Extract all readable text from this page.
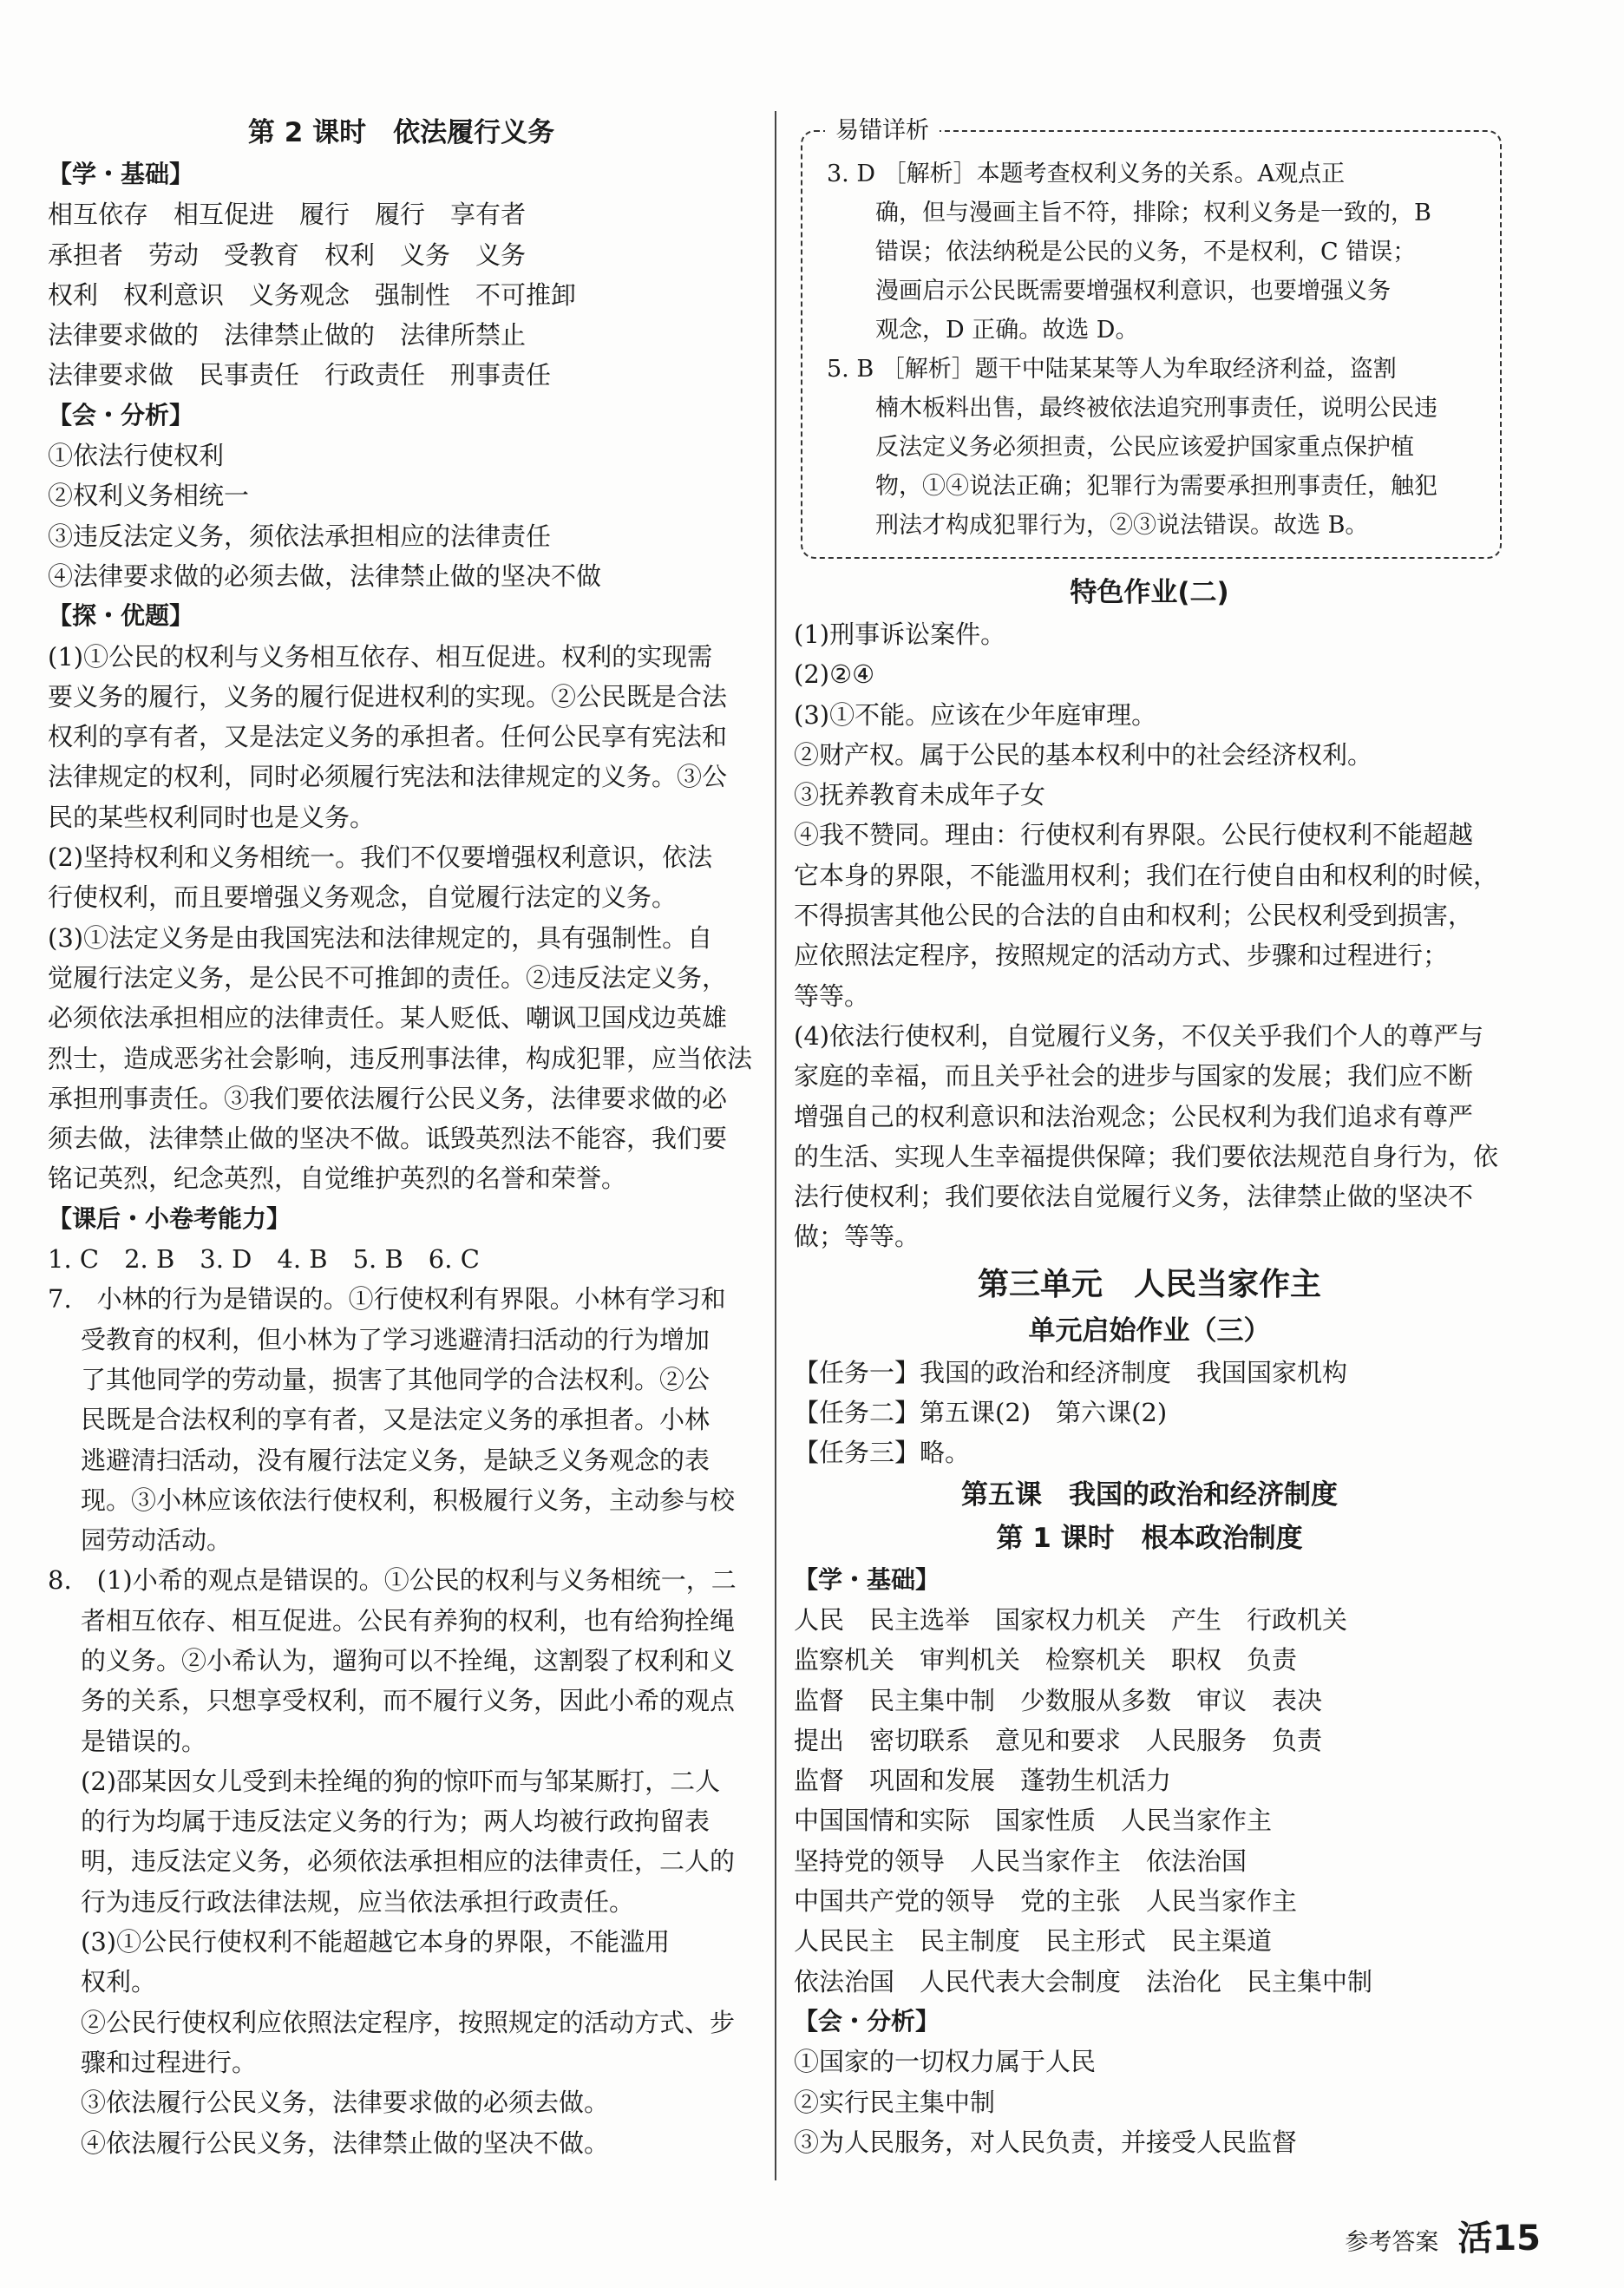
第 2 课时　依法履行义务
【学・基础】
相互依存　相互促进　履行　履行　享有者
承担者　劳动　受教育　权利　义务　义务
权利　权利意识　义务观念　强制性　不可推卸
法律要求做的　法律禁止做的　法律所禁止
法律要求做　民事责任　行政责任　刑事责任
【会・分析】
①依法行使权利
②权利义务相统一
③违反法定义务，须依法承担相应的法律责任
④法律要求做的必须去做，法律禁止做的坚决不做
【探・优题】
(1)①公民的权利与义务相互依存、相互促进。权利的实现需
要义务的履行，义务的履行促进权利的实现。②公民既是合法
权利的享有者，又是法定义务的承担者。任何公民享有宪法和
法律规定的权利，同时必须履行宪法和法律规定的义务。③公
民的某些权利同时也是义务。
(2)坚持权利和义务相统一。我们不仅要增强权利意识，依法
行使权利，而且要增强义务观念，自觉履行法定的义务。
(3)①法定义务是由我国宪法和法律规定的，具有强制性。自
觉履行法定义务，是公民不可推卸的责任。②违反法定义务，
必须依法承担相应的法律责任。某人贬低、嘲讽卫国戍边英雄
烈士，造成恶劣社会影响，违反刑事法律，构成犯罪，应当依法
承担刑事责任。③我们要依法履行公民义务，法律要求做的必
须去做，法律禁止做的坚决不做。诋毁英烈法不能容，我们要
铭记英烈，纪念英烈，自觉维护英烈的名誉和荣誉。
【课后・小卷考能力】
1. C　2. B　3. D　4. B　5. B　6. C
7.　小林的行为是错误的。①行使权利有界限。小林有学习和
受教育的权利，但小林为了学习逃避清扫活动的行为增加
了其他同学的劳动量，损害了其他同学的合法权利。②公
民既是合法权利的享有者，又是法定义务的承担者。小林
逃避清扫活动，没有履行法定义务，是缺乏义务观念的表
现。③小林应该依法行使权利，积极履行义务，主动参与校
园劳动活动。
8.　(1)小希的观点是错误的。①公民的权利与义务相统一，二
者相互依存、相互促进。公民有养狗的权利，也有给狗拴绳
的义务。②小希认为，遛狗可以不拴绳，这割裂了权利和义
务的关系，只想享受权利，而不履行义务，因此小希的观点
是错误的。
(2)邵某因女儿受到未拴绳的狗的惊吓而与邹某厮打，二人
的行为均属于违反法定义务的行为；两人均被行政拘留表
明，违反法定义务，必须依法承担相应的法律责任，二人的
行为违反行政法律法规，应当依法承担行政责任。
(3)①公民行使权利不能超越它本身的界限，不能滥用
权利。
②公民行使权利应依照法定程序，按照规定的活动方式、步
骤和过程进行。
③依法履行公民义务，法律要求做的必须去做。
④依法履行公民义务，法律禁止做的坚决不做。
易错详析
3. D ［解析］本题考查权利义务的关系。A观点正
确，但与漫画主旨不符，排除；权利义务是一致的，B
错误；依法纳税是公民的义务，不是权利，C 错误；
漫画启示公民既需要增强权利意识，也要增强义务
观念，D 正确。故选 D。
5. B ［解析］题干中陆某某等人为牟取经济利益，盗割
楠木板料出售，最终被依法追究刑事责任，说明公民违
反法定义务必须担责，公民应该爱护国家重点保护植
物，①④说法正确；犯罪行为需要承担刑事责任，触犯
刑法才构成犯罪行为，②③说法错误。故选 B。
特色作业(二)
(1)刑事诉讼案件。
(2)②④
(3)①不能。应该在少年庭审理。
②财产权。属于公民的基本权利中的社会经济权利。
③抚养教育未成年子女
④我不赞同。理由：行使权利有界限。公民行使权利不能超越
它本身的界限，不能滥用权利；我们在行使自由和权利的时候，
不得损害其他公民的合法的自由和权利；公民权利受到损害，
应依照法定程序，按照规定的活动方式、步骤和过程进行；
等等。
(4)依法行使权利，自觉履行义务，不仅关乎我们个人的尊严与
家庭的幸福，而且关乎社会的进步与国家的发展；我们应不断
增强自己的权利意识和法治观念；公民权利为我们追求有尊严
的生活、实现人生幸福提供保障；我们要依法规范自身行为，依
法行使权利；我们要依法自觉履行义务，法律禁止做的坚决不
做；等等。
第三单元　人民当家作主
单元启始作业（三）
【任务一】我国的政治和经济制度　我国国家机构
【任务二】第五课(2)　第六课(2)
【任务三】略。
第五课　我国的政治和经济制度
第 1 课时　根本政治制度
【学・基础】
人民　民主选举　国家权力机关　产生　行政机关
监察机关　审判机关　检察机关　职权　负责
监督　民主集中制　少数服从多数　审议　表决
提出　密切联系　意见和要求　人民服务　负责
监督　巩固和发展　蓬勃生机活力
中国国情和实际　国家性质　人民当家作主
坚持党的领导　人民当家作主　依法治国
中国共产党的领导　党的主张　人民当家作主
人民民主　民主制度　民主形式　民主渠道
依法治国　人民代表大会制度　法治化　民主集中制
【会・分析】
①国家的一切权力属于人民
②实行民主集中制
③为人民服务，对人民负责，并接受人民监督
参考答案 活15
